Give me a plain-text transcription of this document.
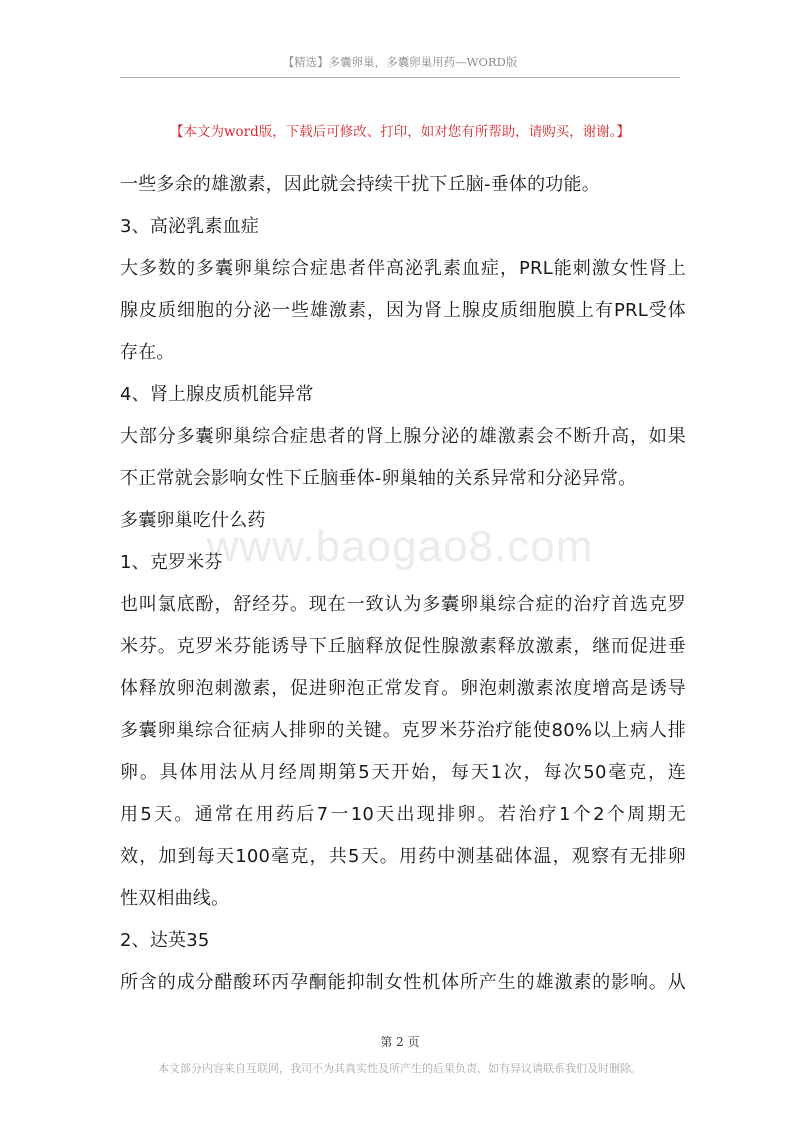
【精选】多囊卵巢，多囊卵巢用药—WORD版
【本文为word版，下载后可修改、打印，如对您有所帮助，请购买，谢谢。】
www.baogao8.com
一些多余的雄激素，因此就会持续干扰下丘脑-垂体的功能。
3、高泌乳素血症
大多数的多囊卵巢综合症患者伴高泌乳素血症，PRL能刺激女性肾上
腺皮质细胞的分泌一些雄激素，因为肾上腺皮质细胞膜上有PRL受体
存在。
4、肾上腺皮质机能异常
大部分多囊卵巢综合症患者的肾上腺分泌的雄激素会不断升高，如果
不正常就会影响女性下丘脑垂体-卵巢轴的关系异常和分泌异常。
多囊卵巢吃什么药
1、克罗米芬
也叫氯底酚，舒经芬。现在一致认为多囊卵巢综合症的治疗首选克罗
米芬。克罗米芬能诱导下丘脑释放促性腺激素释放激素，继而促进垂
体释放卵泡刺激素，促进卵泡正常发育。卵泡刺激素浓度增高是诱导
多囊卵巢综合征病人排卵的关键。克罗米芬治疗能使80%以上病人排
卵。具体用法从月经周期第5天开始，每天1次，每次50毫克，连
用5天。通常在用药后7一10天出现排卵。若治疗1个2个周期无
效，加到每天100毫克，共5天。用药中测基础体温，观察有无排卵
性双相曲线。
2、达英35
所含的成分醋酸环丙孕酮能抑制女性机体所产生的雄激素的影响。从
第 2 页
本文部分内容来自互联网，我司不为其真实性及所产生的后果负责，如有异议请联系我们及时删除。
